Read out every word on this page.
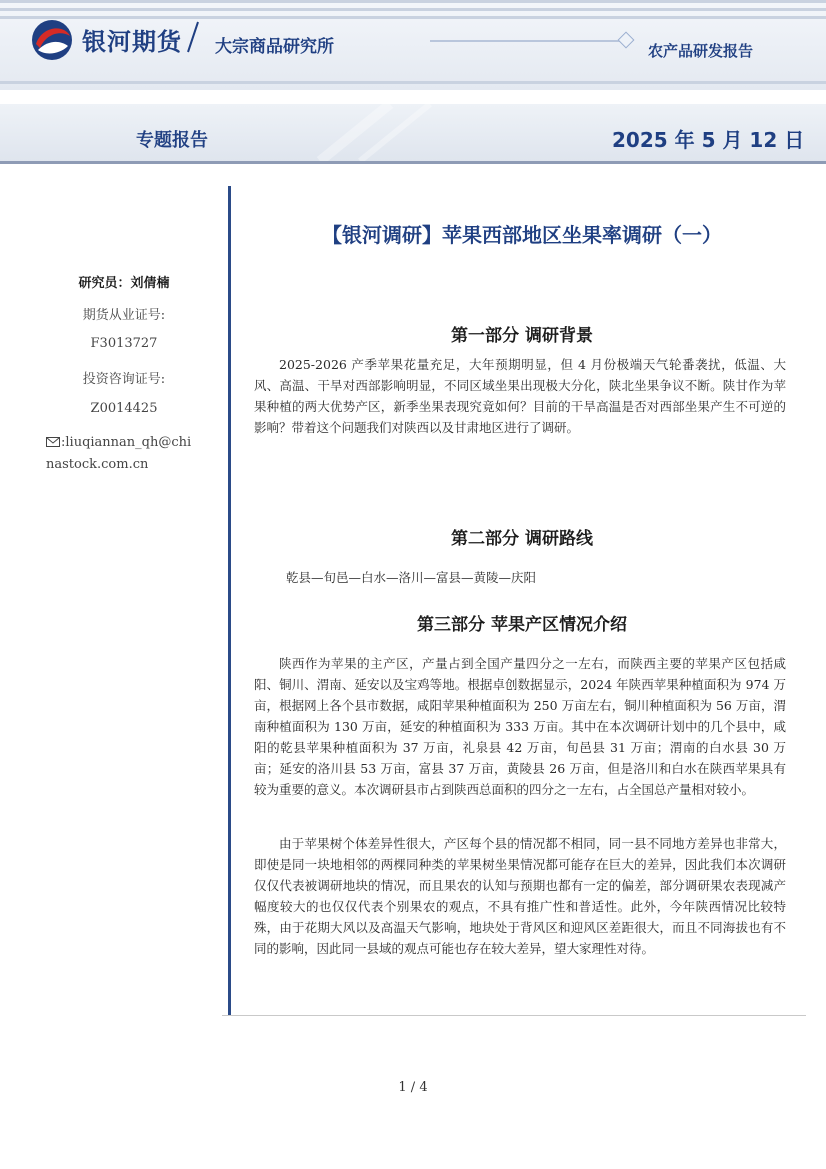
银河期货 大宗商品研究所	农产品研发报告
专题报告	2025 年 5 月 12 日
研究员：刘倩楠
期货从业证号:
F3013727
投资咨询证号:
Z0014425
:liuqiannan_qh@chinastock.com.cn
【银河调研】苹果西部地区坐果率调研（一）
第一部分 调研背景

2025-2026 产季苹果花量充足，大年预期明显，但 4 月份极端天气轮番袭扰，低温、大风、高温、干旱对西部影响明显，不同区域坐果出现极大分化，陕北坐果争议不断。陕甘作为苹果种植的两大优势产区，新季坐果表现究竟如何？目前的干旱高温是否对西部坐果产生不可逆的影响？带着这个问题我们对陕西以及甘肃地区进行了调研。

第二部分 调研路线
乾县—旬邑—白水—洛川—富县—黄陵—庆阳
第三部分 苹果产区情况介绍

陕西作为苹果的主产区，产量占到全国产量四分之一左右，而陕西主要的苹果产区包括咸阳、铜川、渭南、延安以及宝鸡等地。根据卓创数据显示，2024 年陕西苹果种植面积为 974 万亩，根据网上各个县市数据，咸阳苹果种植面积为 250 万亩左右，铜川种植面积为 56 万亩，渭南种植面积为 130 万亩，延安的种植面积为 333 万亩。其中在本次调研计划中的几个县中，咸阳的乾县苹果种植面积为 37 万亩，礼泉县 42 万亩，旬邑县 31 万亩；渭南的白水县 30 万亩；延安的洛川县 53 万亩，富县 37 万亩，黄陵县 26 万亩，但是洛川和白水在陕西苹果具有较为重要的意义。本次调研县市占到陕西总面积的四分之一左右，占全国总产量相对较小。

由于苹果树个体差异性很大，产区每个县的情况都不相同，同一县不同地方差异也非常大，即使是同一块地相邻的两棵同种类的苹果树坐果情况都可能存在巨大的差异，因此我们本次调研仅仅代表被调研地块的情况，而且果农的认知与预期也都有一定的偏差，部分调研果农表现减产幅度较大的也仅仅代表个别果农的观点，不具有推广性和普适性。此外，今年陕西情况比较特殊，由于花期大风以及高温天气影响，地块处于背风区和迎风区差距很大，而且不同海拔也有不同的影响，因此同一县域的观点可能也存在较大差异，望大家理性对待。

1 / 4
